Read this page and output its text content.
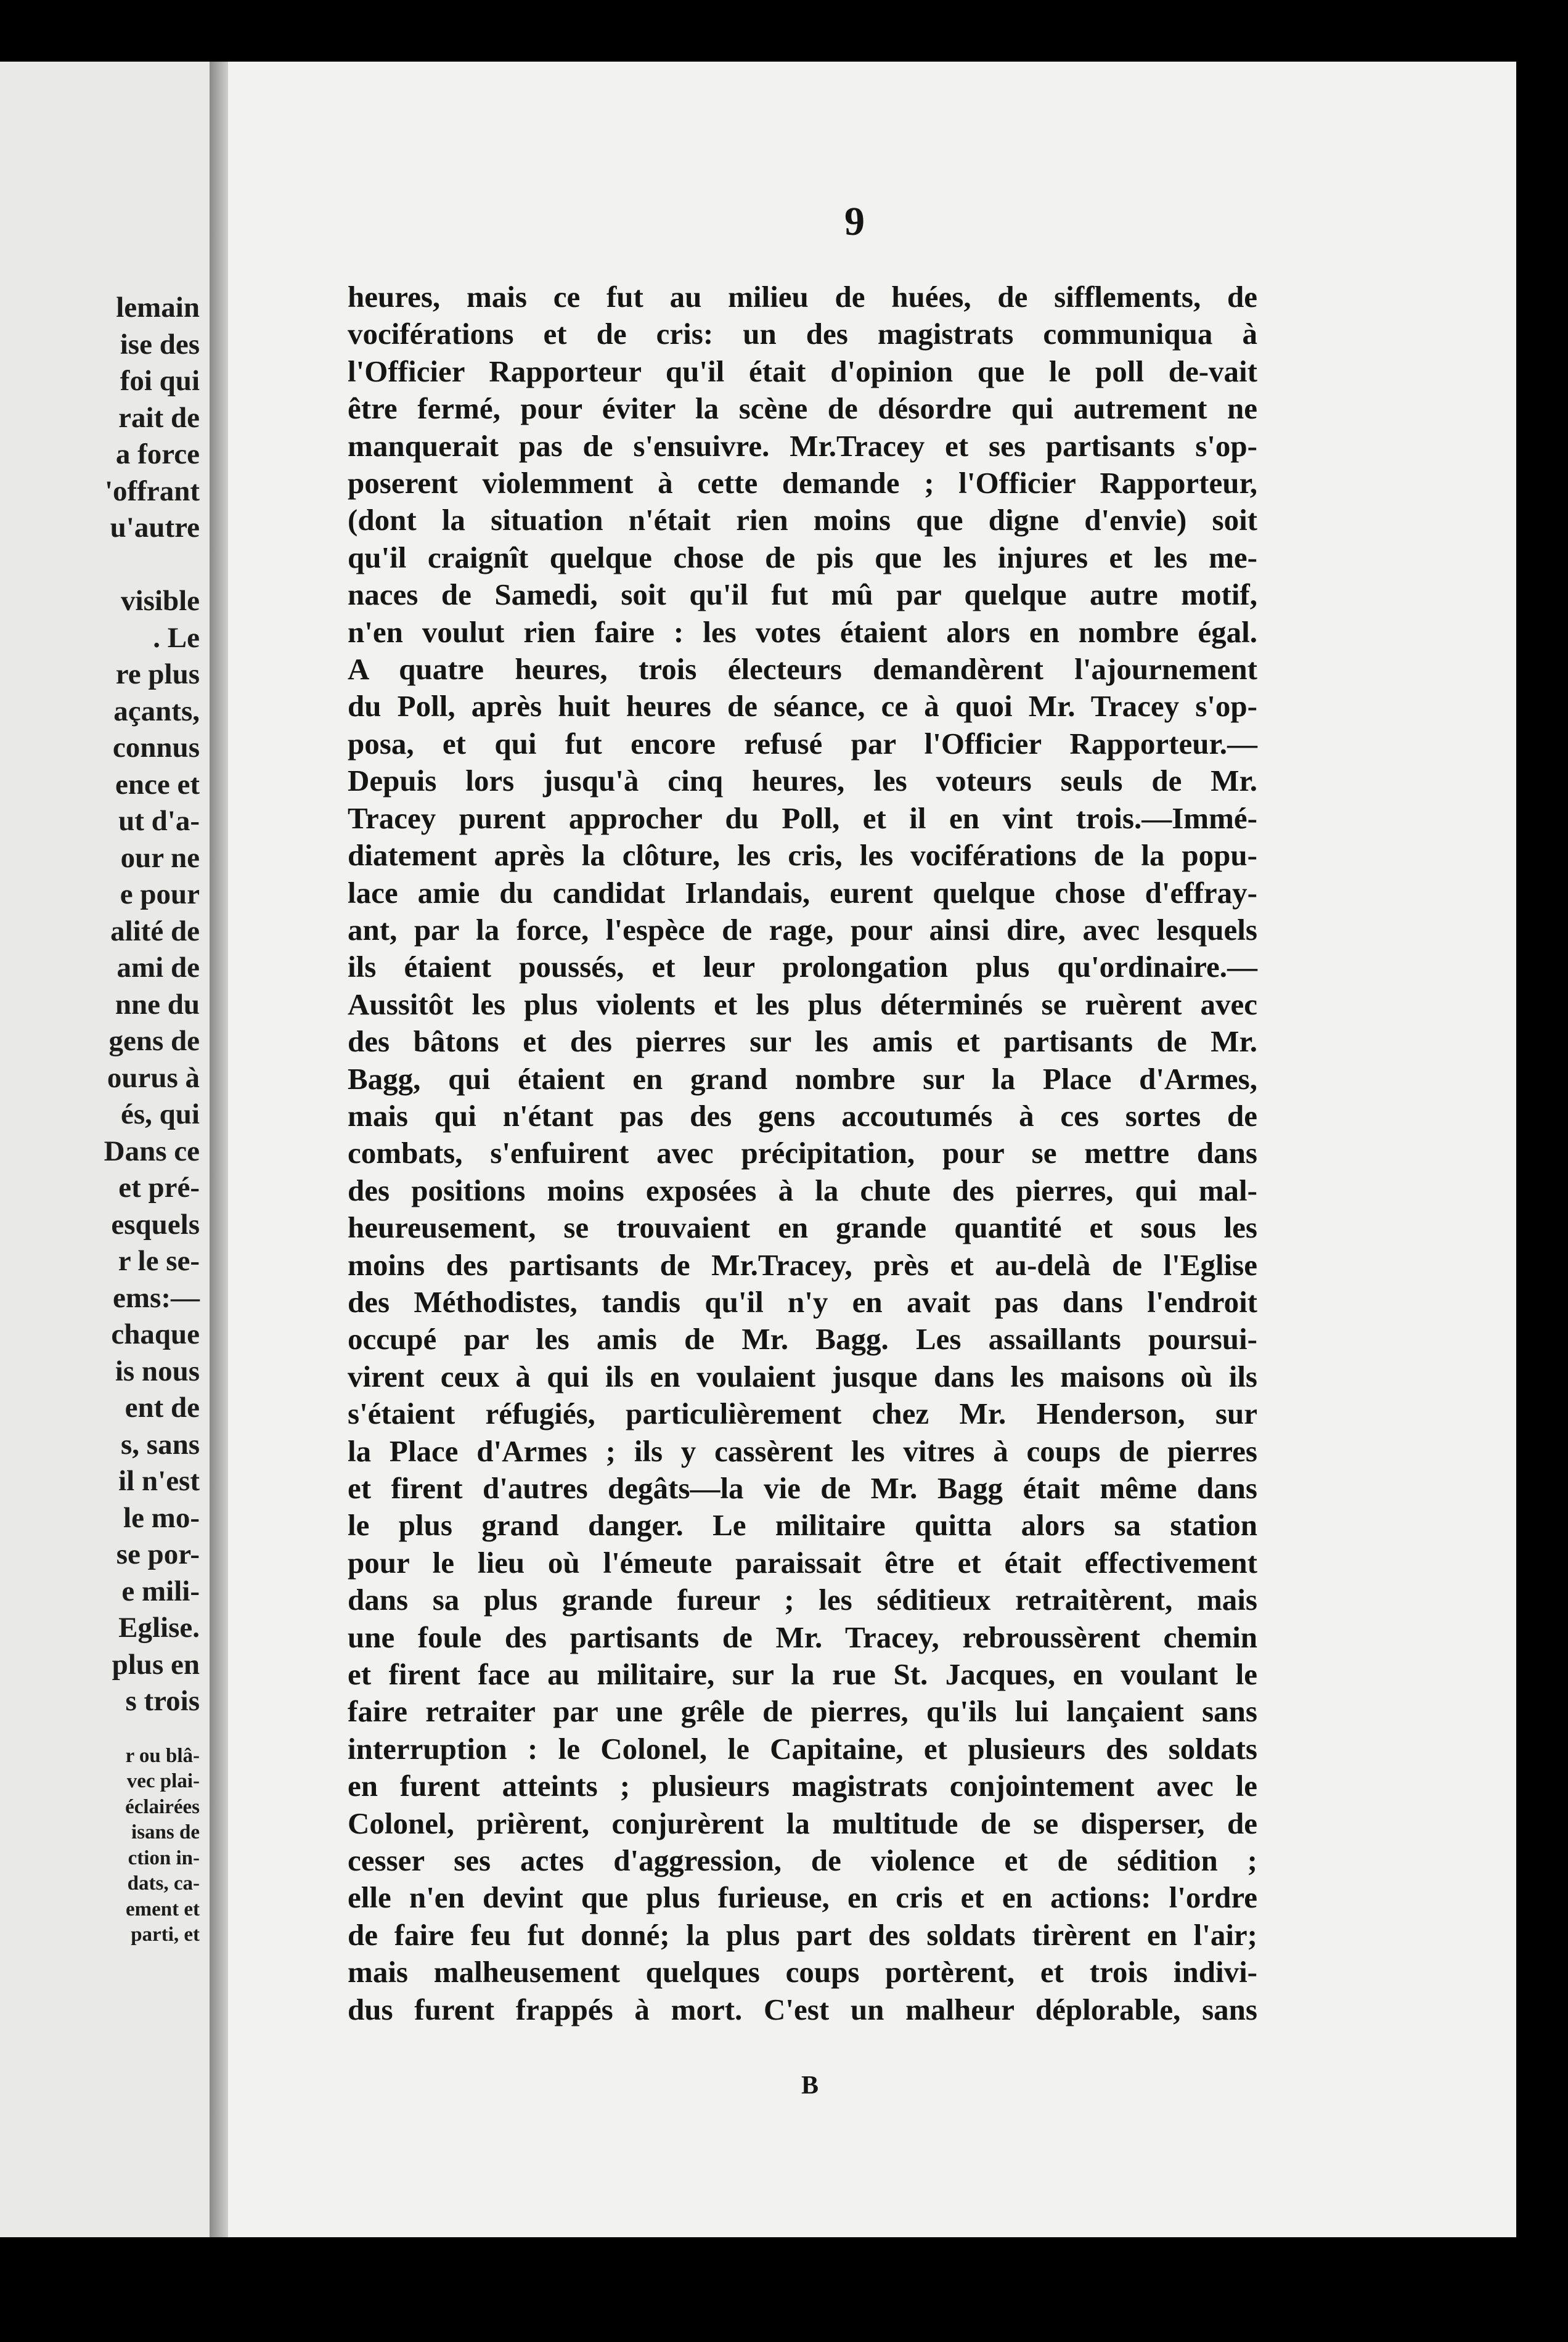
lemain
ise des
foi qui
rait de
a force
'offrant
u'autre

visible
. Le
re plus
açants,
connus
ence et
ut d'a-
our ne
e pour
alité de
ami de
nne du
gens de
ourus à
és, qui
Dans ce
et pré-
esquels
r le se-
ems:—
chaque
is nous
ent de
s, sans
il n'est
le mo-
se por-
e mili-
Eglise.
plus en
s trois
r ou blâ-
vec plai-
éclairées
isans de
ction in-
dats, ca-
ement et
parti, et
9
heures, mais ce fut au milieu de huées, de sifflements, de
vociférations et de cris: un des magistrats communiqua à
l'Officier Rapporteur qu'il était d'opinion que le poll de-vait
être fermé, pour éviter la scène de désordre qui autrement ne
manquerait pas de s'ensuivre. Mr.Tracey et ses partisants s'op-
poserent violemment à cette demande ; l'Officier Rapporteur,
(dont la situation n'était rien moins que digne d'envie) soit
qu'il craignît quelque chose de pis que les injures et les me-
naces de Samedi, soit qu'il fut mû par quelque autre motif,
n'en voulut rien faire : les votes étaient alors en nombre égal.
A quatre heures, trois électeurs demandèrent l'ajournement
du Poll, après huit heures de séance, ce à quoi Mr. Tracey s'op-
posa, et qui fut encore refusé par l'Officier Rapporteur.—
Depuis lors jusqu'à cinq heures, les voteurs seuls de Mr.
Tracey purent approcher du Poll, et il en vint trois.—Immé-
diatement après la clôture, les cris, les vociférations de la popu-
lace amie du candidat Irlandais, eurent quelque chose d'effray-
ant, par la force, l'espèce de rage, pour ainsi dire, avec lesquels
ils étaient poussés, et leur prolongation plus qu'ordinaire.—
Aussitôt les plus violents et les plus déterminés se ruèrent avec
des bâtons et des pierres sur les amis et partisants de Mr.
Bagg, qui étaient en grand nombre sur la Place d'Armes,
mais qui n'étant pas des gens accoutumés à ces sortes de
combats, s'enfuirent avec précipitation, pour se mettre dans
des positions moins exposées à la chute des pierres, qui mal-
heureusement, se trouvaient en grande quantité et sous les
moins des partisants de Mr.Tracey, près et au-delà de l'Eglise
des Méthodistes, tandis qu'il n'y en avait pas dans l'endroit
occupé par les amis de Mr. Bagg. Les assaillants poursui-
virent ceux à qui ils en voulaient jusque dans les maisons où ils
s'étaient réfugiés, particulièrement chez Mr. Henderson, sur
la Place d'Armes ; ils y cassèrent les vitres à coups de pierres
et firent d'autres degâts—la vie de Mr. Bagg était même dans
le plus grand danger. Le militaire quitta alors sa station
pour le lieu où l'émeute paraissait être et était effectivement
dans sa plus grande fureur ; les séditieux retraitèrent, mais
une foule des partisants de Mr. Tracey, rebroussèrent chemin
et firent face au militaire, sur la rue St. Jacques, en voulant le
faire retraiter par une grêle de pierres, qu'ils lui lançaient sans
interruption : le Colonel, le Capitaine, et plusieurs des soldats
en furent atteints ; plusieurs magistrats conjointement avec le
Colonel, prièrent, conjurèrent la multitude de se disperser, de
cesser ses actes d'aggression, de violence et de sédition ;
elle n'en devint que plus furieuse, en cris et en actions: l'ordre
de faire feu fut donné; la plus part des soldats tirèrent en l'air;
mais malheusement quelques coups portèrent, et trois indivi-
dus furent frappés à mort. C'est un malheur déplorable, sans
B
